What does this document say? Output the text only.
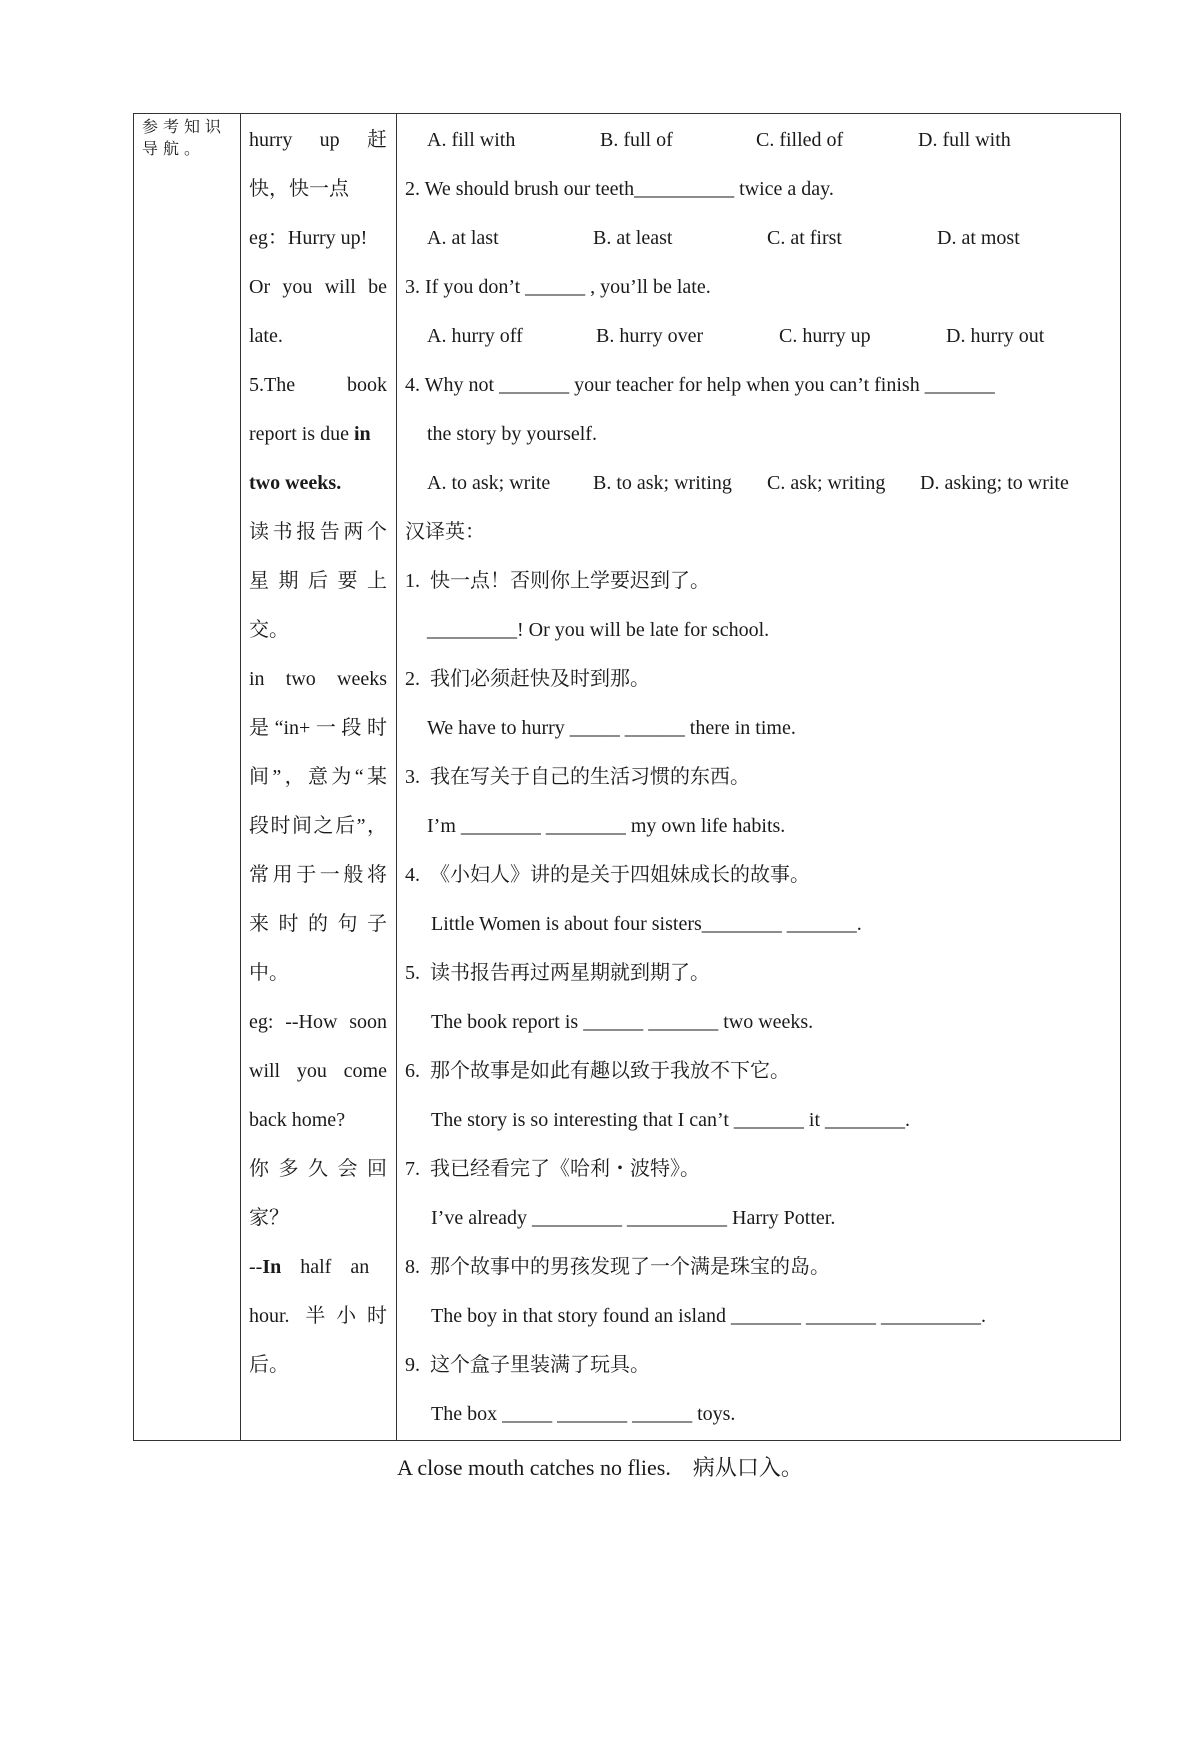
参考知识导航。	hurry up 赶
快，快一点
eg：Hurry up!
Or you will be
late.
5.The book
report is due in
two weeks.
读书报告两个
星期后要上
交。
in two weeks
是“in+一段时
间”，意为“某
段时间之后”，
常用于一般将
来时的句子
中。
eg: --How soon
will you come
back home?
你多久会回
家？
--In half an
hour. 半小时
后。
A. fill with	B. full of	C. filled of	D. full with
2. We should brush our teeth__________ twice a day.
A. at last	B. at least	C. at first	D. at most
3. If you don’t ______ , you’ll be late.
A. hurry off	B. hurry over	C. hurry up	D. hurry out
4. Why not _______ your teacher for help when you can’t finish _______
the story by yourself.
A. to ask; write B. to ask; writing C. ask; writing D. asking; to write
汉译英：
1.  快一点！否则你上学要迟到了。
_________! Or you will be late for school.
2.  我们必须赶快及时到那。
We have to hurry _____ ______ there in time.
3.  我在写关于自己的生活习惯的东西。
I’m ________ ________ my own life habits.
4.  《小妇人》讲的是关于四姐妹成长的故事。
Little Women is about four sisters________ _______.
5.  读书报告再过两星期就到期了。
The book report is ______ _______ two weeks.
6.  那个故事是如此有趣以致于我放不下它。
The story is so interesting that I can’t _______ it ________.
7.  我已经看完了《哈利・波特》。
I’ve already _________ __________ Harry Potter.
8.  那个故事中的男孩发现了一个满是珠宝的岛。
The boy in that story found an island _______ _______ __________.
9.  这个盒子里装满了玩具。
The box _____ _______ ______ toys.
A close mouth catches no flies.    病从口入。
